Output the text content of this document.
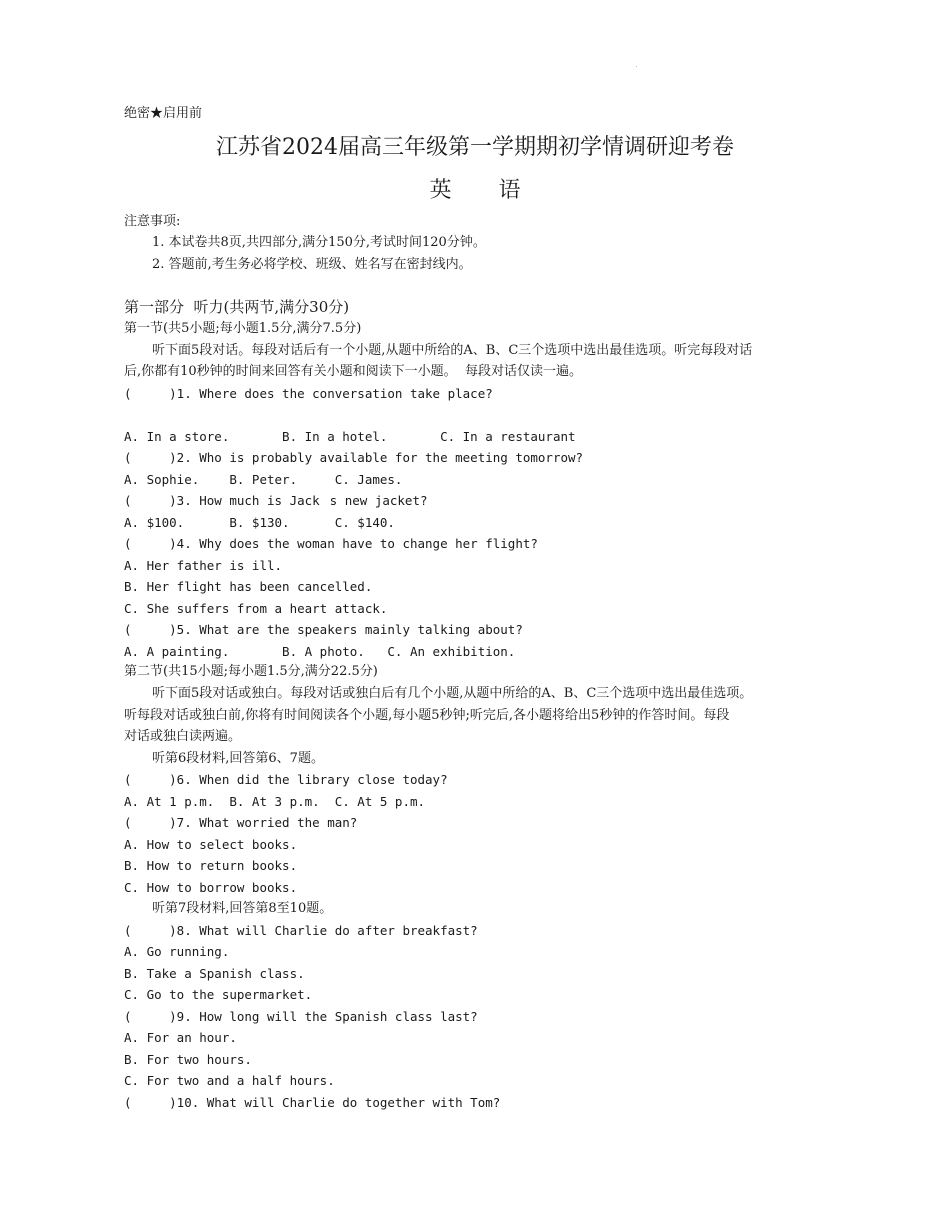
绝密★启用前
江苏省2024届高三年级第一学期期初学情调研迎考卷
英 语
注意事项:
1. 本试卷共8页,共四部分,满分150分,考试时间120分钟。
2. 答题前,考生务必将学校、班级、姓名写在密封线内。
第一部分  听力(共两节,满分30分)
第一节(共5小题;每小题1.5分,满分7.5分)
听下面5段对话。每段对话后有一个小题,从题中所给的A、B、C三个选项中选出最佳选项。听完每段对话
后,你都有10秒钟的时间来回答有关小题和阅读下一小题。  每段对话仅读一遍。
(     )1. Where does the conversation take place?
A. In a store.       B. In a hotel.       C. In a restaurant
(     )2. Who is probably available for the meeting tomorrow?
A. Sophie.    B. Peter.     C. James.
(     )3. How much is Jacks new jacket?
A. $100.      B. $130.      C. $140.
(     )4. Why does the woman have to change her flight?
A. Her father is ill.
B. Her flight has been cancelled.
C. She suffers from a heart attack.
(     )5. What are the speakers mainly talking about?
A. A painting.       B. A photo.   C. An exhibition.
第二节(共15小题;每小题1.5分,满分22.5分)
听下面5段对话或独白。每段对话或独白后有几个小题,从题中所给的A、B、C三个选项中选出最佳选项。
听每段对话或独白前,你将有时间阅读各个小题,每小题5秒钟;听完后,各小题将给出5秒钟的作答时间。每段
对话或独白读两遍。
听第6段材料,回答第6、7题。
(     )6. When did the library close today?
A. At 1 p.m.  B. At 3 p.m.  C. At 5 p.m.
(     )7. What worried the man?
A. How to select books.
B. How to return books.
C. How to borrow books.
听第7段材料,回答第8至10题。
(     )8. What will Charlie do after breakfast?
A. Go running.
B. Take a Spanish class.
C. Go to the supermarket.
(     )9. How long will the Spanish class last?
A. For an hour.
B. For two hours.
C. For two and a half hours.
(     )10. What will Charlie do together with Tom?
